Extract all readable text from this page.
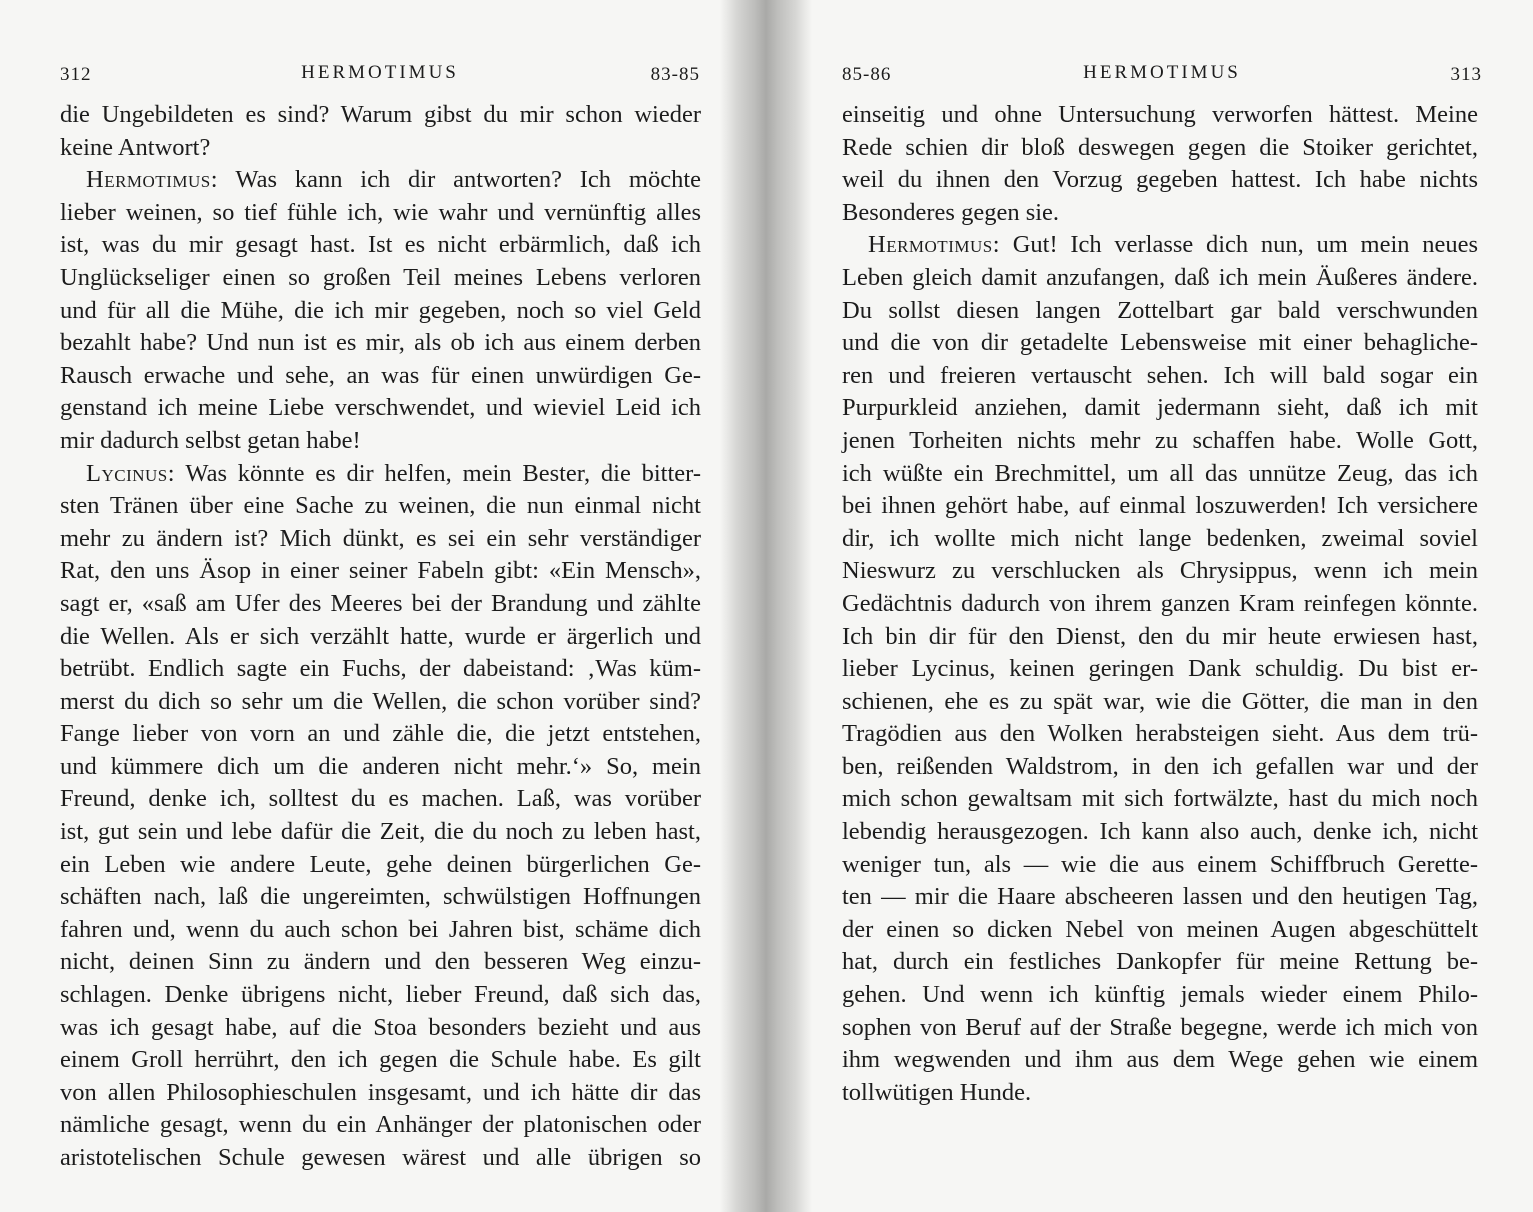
312	HERMOTIMUS	83-85
die Ungebildeten es sind? Warum gibst du mir schon wieder
keine Antwort?
Hermotimus: Was kann ich dir antworten? Ich möchte
lieber weinen, so tief fühle ich, wie wahr und vernünftig alles
ist, was du mir gesagt hast. Ist es nicht erbärmlich, daß ich
Unglückseliger einen so großen Teil meines Lebens verloren
und für all die Mühe, die ich mir gegeben, noch so viel Geld
bezahlt habe? Und nun ist es mir, als ob ich aus einem derben
Rausch erwache und sehe, an was für einen unwürdigen Ge-
genstand ich meine Liebe verschwendet, und wieviel Leid ich
mir dadurch selbst getan habe!
Lycinus: Was könnte es dir helfen, mein Bester, die bitter-
sten Tränen über eine Sache zu weinen, die nun einmal nicht
mehr zu ändern ist? Mich dünkt, es sei ein sehr verständiger
Rat, den uns Äsop in einer seiner Fabeln gibt: «Ein Mensch»,
sagt er, «saß am Ufer des Meeres bei der Brandung und zählte
die Wellen. Als er sich verzählt hatte, wurde er ärgerlich und
betrübt. Endlich sagte ein Fuchs, der dabeistand: ‚Was küm-
merst du dich so sehr um die Wellen, die schon vorüber sind?
Fange lieber von vorn an und zähle die, die jetzt entstehen,
und kümmere dich um die anderen nicht mehr.‘» So, mein
Freund, denke ich, solltest du es machen. Laß, was vorüber
ist, gut sein und lebe dafür die Zeit, die du noch zu leben hast,
ein Leben wie andere Leute, gehe deinen bürgerlichen Ge-
schäften nach, laß die ungereimten, schwülstigen Hoffnungen
fahren und, wenn du auch schon bei Jahren bist, schäme dich
nicht, deinen Sinn zu ändern und den besseren Weg einzu-
schlagen. Denke übrigens nicht, lieber Freund, daß sich das,
was ich gesagt habe, auf die Stoa besonders bezieht und aus
einem Groll herrührt, den ich gegen die Schule habe. Es gilt
von allen Philosophieschulen insgesamt, und ich hätte dir das
nämliche gesagt, wenn du ein Anhänger der platonischen oder
aristotelischen Schule gewesen wärest und alle übrigen so
85-86	HERMOTIMUS	313
einseitig und ohne Untersuchung verworfen hättest. Meine
Rede schien dir bloß deswegen gegen die Stoiker gerichtet,
weil du ihnen den Vorzug gegeben hattest. Ich habe nichts
Besonderes gegen sie.
Hermotimus: Gut! Ich verlasse dich nun, um mein neues
Leben gleich damit anzufangen, daß ich mein Äußeres ändere.
Du sollst diesen langen Zottelbart gar bald verschwunden
und die von dir getadelte Lebensweise mit einer behagliche-
ren und freieren vertauscht sehen. Ich will bald sogar ein
Purpurkleid anziehen, damit jedermann sieht, daß ich mit
jenen Torheiten nichts mehr zu schaffen habe. Wolle Gott,
ich wüßte ein Brechmittel, um all das unnütze Zeug, das ich
bei ihnen gehört habe, auf einmal loszuwerden! Ich versichere
dir, ich wollte mich nicht lange bedenken, zweimal soviel
Nieswurz zu verschlucken als Chrysippus, wenn ich mein
Gedächtnis dadurch von ihrem ganzen Kram reinfegen könnte.
Ich bin dir für den Dienst, den du mir heute erwiesen hast,
lieber Lycinus, keinen geringen Dank schuldig. Du bist er-
schienen, ehe es zu spät war, wie die Götter, die man in den
Tragödien aus den Wolken herabsteigen sieht. Aus dem trü-
ben, reißenden Waldstrom, in den ich gefallen war und der
mich schon gewaltsam mit sich fortwälzte, hast du mich noch
lebendig herausgezogen. Ich kann also auch, denke ich, nicht
weniger tun, als — wie die aus einem Schiffbruch Gerette-
ten — mir die Haare abscheeren lassen und den heutigen Tag,
der einen so dicken Nebel von meinen Augen abgeschüttelt
hat, durch ein festliches Dankopfer für meine Rettung be-
gehen. Und wenn ich künftig jemals wieder einem Philo-
sophen von Beruf auf der Straße begegne, werde ich mich von
ihm wegwenden und ihm aus dem Wege gehen wie einem
tollwütigen Hunde.
